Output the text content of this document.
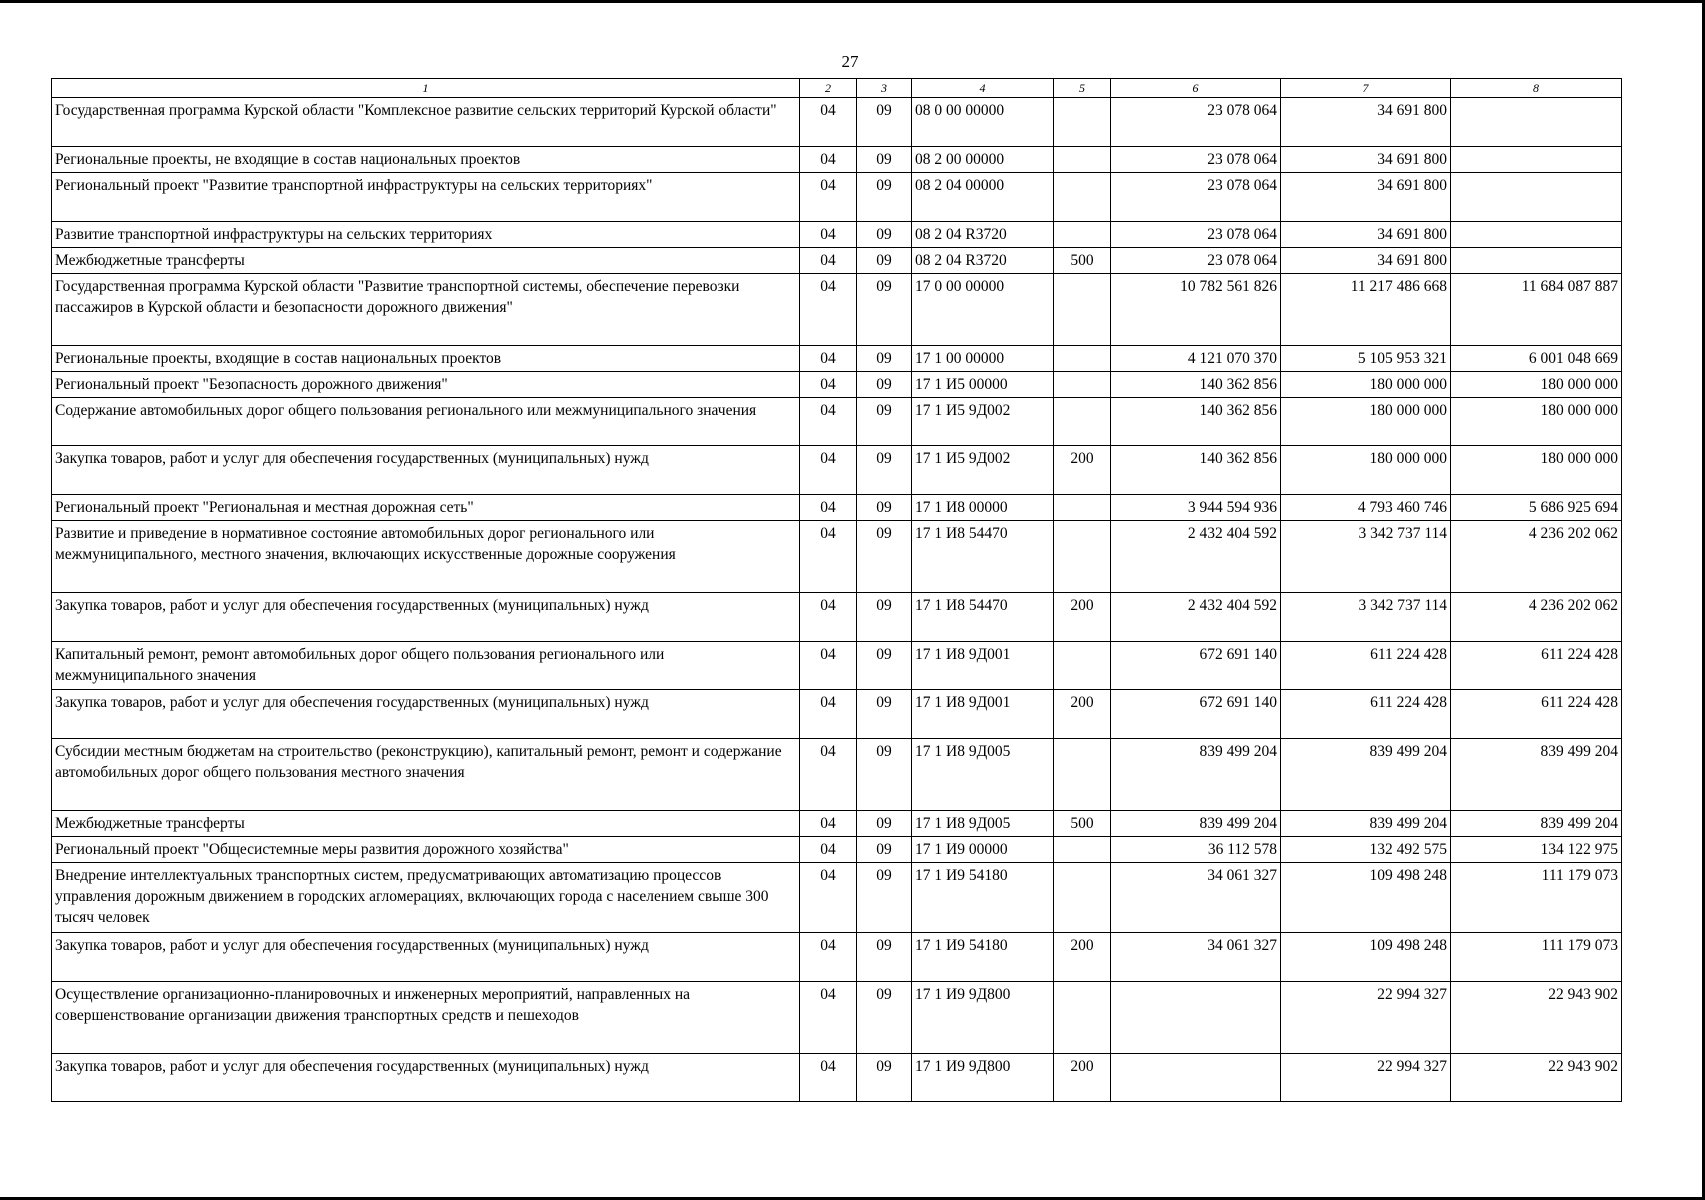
27
1	2	3	4	5	6	7	8
Государственная программа Курской области "Комплексное развитие сельских территорий Курской области"	04	09	08 0 00 00000		23 078 064	34 691 800	
Региональные проекты, не входящие в состав национальных проектов	04	09	08 2 00 00000		23 078 064	34 691 800	
Региональный проект "Развитие транспортной инфраструктуры на сельских территориях"	04	09	08 2 04 00000		23 078 064	34 691 800	
Развитие транспортной инфраструктуры на сельских территориях	04	09	08 2 04 R3720		23 078 064	34 691 800	
Межбюджетные трансферты	04	09	08 2 04 R3720	500	23 078 064	34 691 800	
Государственная программа Курской области "Развитие транспортной системы, обеспечение перевозки пассажиров в Курской области и безопасности дорожного движения"	04	09	17 0 00 00000		10 782 561 826	11 217 486 668	11 684 087 887
Региональные проекты, входящие в состав национальных проектов	04	09	17 1 00 00000		4 121 070 370	5 105 953 321	6 001 048 669
Региональный проект "Безопасность дорожного движения"	04	09	17 1 И5 00000		140 362 856	180 000 000	180 000 000
Содержание автомобильных дорог общего пользования регионального или межмуниципального значения	04	09	17 1 И5 9Д002		140 362 856	180 000 000	180 000 000
Закупка товаров, работ и услуг для обеспечения государственных (муниципальных) нужд	04	09	17 1 И5 9Д002	200	140 362 856	180 000 000	180 000 000
Региональный проект "Региональная и местная дорожная сеть"	04	09	17 1 И8 00000		3 944 594 936	4 793 460 746	5 686 925 694
Развитие и приведение в нормативное состояние автомобильных дорог регионального или межмуниципального, местного значения, включающих искусственные дорожные сооружения	04	09	17 1 И8 54470		2 432 404 592	3 342 737 114	4 236 202 062
Закупка товаров, работ и услуг для обеспечения государственных (муниципальных) нужд	04	09	17 1 И8 54470	200	2 432 404 592	3 342 737 114	4 236 202 062
Капитальный ремонт, ремонт автомобильных дорог общего пользования регионального или межмуниципального значения	04	09	17 1 И8 9Д001		672 691 140	611 224 428	611 224 428
Закупка товаров, работ и услуг для обеспечения государственных (муниципальных) нужд	04	09	17 1 И8 9Д001	200	672 691 140	611 224 428	611 224 428
Субсидии местным бюджетам на строительство (реконструкцию), капитальный ремонт, ремонт и содержание автомобильных дорог общего пользования местного значения	04	09	17 1 И8 9Д005		839 499 204	839 499 204	839 499 204
Межбюджетные трансферты	04	09	17 1 И8 9Д005	500	839 499 204	839 499 204	839 499 204
Региональный проект "Общесистемные меры развития дорожного хозяйства"	04	09	17 1 И9 00000		36 112 578	132 492 575	134 122 975
Внедрение интеллектуальных транспортных систем, предусматривающих автоматизацию процессов управления дорожным движением в городских агломерациях, включающих города с населением свыше 300 тысяч человек	04	09	17 1 И9 54180		34 061 327	109 498 248	111 179 073
Закупка товаров, работ и услуг для обеспечения государственных (муниципальных) нужд	04	09	17 1 И9 54180	200	34 061 327	109 498 248	111 179 073
Осуществление организационно-планировочных и инженерных мероприятий, направленных на совершенствование организации движения транспортных средств и пешеходов	04	09	17 1 И9 9Д800			22 994 327	22 943 902
Закупка товаров, работ и услуг для обеспечения государственных (муниципальных) нужд	04	09	17 1 И9 9Д800	200		22 994 327	22 943 902
